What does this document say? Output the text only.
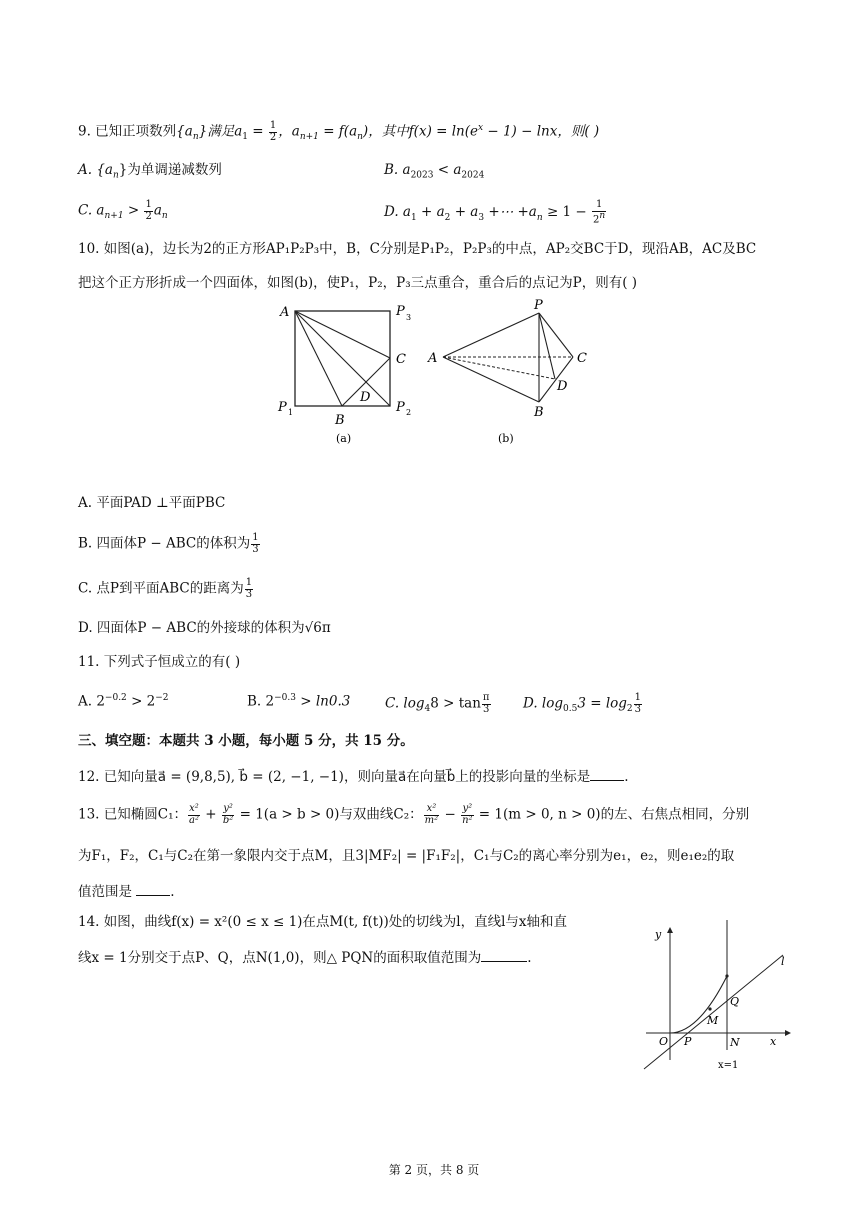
9. 已知正项数列$\{a_n\}$满足$a_1 = \frac{1}{2}$ ，$a_{n+1} = f(a_n)$，其中$f(x) = \ln(e^x - 1) - \ln x$，则( )
A. $\{a_n\}$为单调递减数列	B. $a_{2023} < a_{2024}$
C. $a_{n+1} > \frac{1}{2} a_n$	D. $a_1 + a_2 + a_3$ +⋯ $+a_n \ge 1 - \frac{1}{2^n}$
10. 如图(a)，边长为2的正方形AP₁P₂P₃中，B，C分别是P₁P₂，P₂P₃的中点，AP₂交BC于D，现沿AB，AC及BC
把这个正方形折成一个四面体，如图(b)，使P₁，P₂，P₃三点重合，重合后的点记为P，则有( )
A	P 3
C
D
P 1
B
P 2
(a)
P
A	C
D
B
(b)
A. 平面PAD ⊥平面PBC
B. 四面体P − ABC的体积为 $\frac{1}{3}$
C. 点P到平面ABC的距离为 $\frac{1}{3}$
D. 四面体P − ABC的外接球的体积为√6π
11. 下列式子恒成立的有( )
A. $2^{-0.2} > 2^{-2}$	B. $2^{-0.3} > \ln 0.3$	C. $\log_48 > \tan \frac{\pi}{3} D$. $\log_{0.5}3 = \log_2 \frac{1}{3}$
三、填空题：本题共 3 小题，每小题 5 分，共 15 分。
12. 已知向量a⃗ = (9,8,5), b⃗ = (2, −1, −1)，则向量a⃗在向量b⃗上的投影向量的坐标是	.
13. 已知椭圆C₁： $\frac{\text{x²}}{\text{a²}} + \frac{\text{y²}}{\text{b²}} = 1(a > b > 0)$与双曲线C₂： $\frac{\text{x²}}{\text{m²}} - \frac{\text{y²}}{\text{n²}} = 1(m > 0$, n > 0)的左、右焦点相同，分别
为F₁，F₂，C₁与C₂在第一象限内交于点M，且3|MF₂| = |F₁F₂|，C₁与C₂的离心率分别为e₁，e₂，则e₁e₂的取
值范围是	.
14. 如图，曲线f(x) = x²(0 ≤ x ≤ 1)在点M(t, f(t))处的切线为l，直线l与x轴和直
线x = 1分别交于点P、Q，点N(1,0)，则△ PQN的面积取值范围为	.
y
l
Q
M
O P	N	x
x=1
第 2 页，共 8 页
